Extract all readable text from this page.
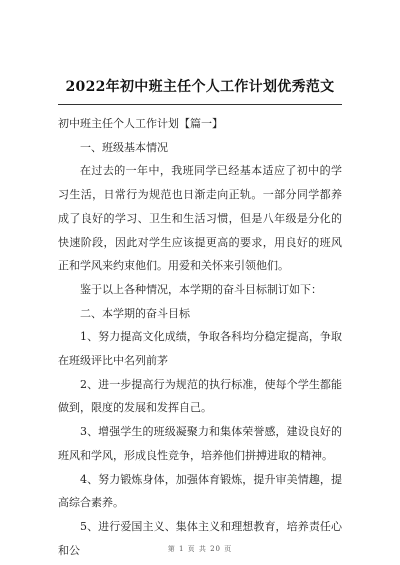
2022年初中班主任个人工作计划优秀范文

初中班主任个人工作计划【篇一】

一、班级基本情况

在过去的一年中，我班同学已经基本适应了初中的学习生活，日常行为规范也日渐走向正轨。一部分同学都养成了良好的学习、卫生和生活习惯，但是八年级是分化的快速阶段，因此对学生应该提更高的要求，用良好的班风正和学风来约束他们。用爱和关怀来引领他们。

鉴于以上各种情况，本学期的奋斗目标制订如下：

二、本学期的奋斗目标

1、努力提高文化成绩，争取各科均分稳定提高，争取在班级评比中名列前茅

2、进一步提高行为规范的执行标准，使每个学生都能做到，限度的发展和发挥自己。

3、增强学生的班级凝聚力和集体荣誉感，建设良好的班风和学风，形成良性竞争，培养他们拼搏进取的精神。

4、努力锻炼身体，加强体育锻炼，提升审美情趣，提高综合素养。

5、进行爱国主义、集体主义和理想教育，培养责任心和公	第 1 页 共 20 页
